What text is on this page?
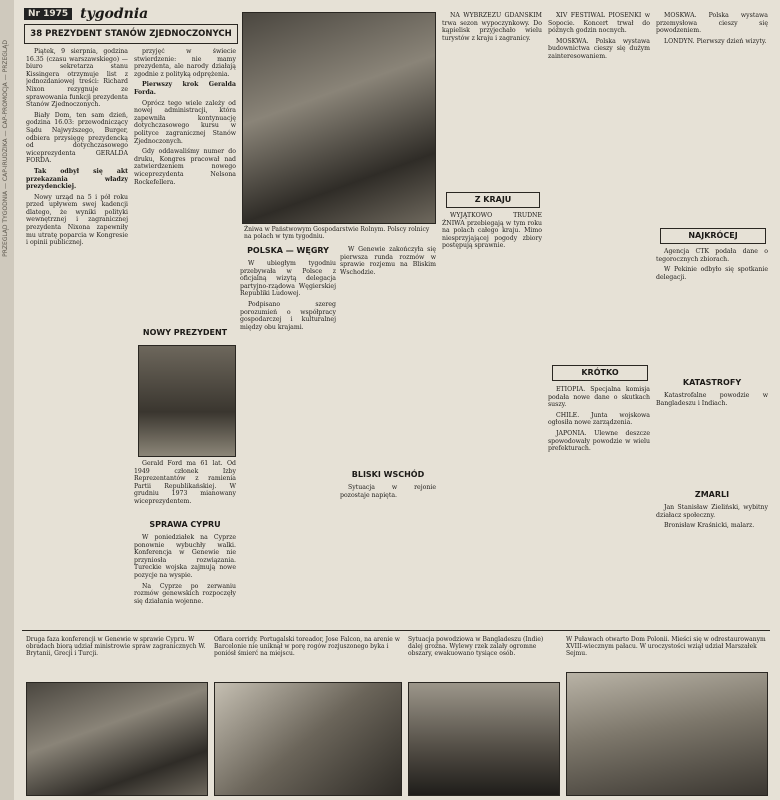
PRZEGLĄD TYGODNIA — CAP-IRUDZIKA — CAP-PROMOCJA — PRZEGLĄD
Nr 1975 tygodnia
38 PREZYDENT STANÓW ZJEDNOCZONYCH

Piątek, 9 sierpnia, godzina 16.35 (czasu warszawskiego) — biuro sekretarza stanu Kissingera otrzymuje list z jednozdaniowej treści: Richard Nixon rezygnuje ze sprawowania funkcji prezydenta Stanów Zjednoczonych.

Biały Dom, ten sam dzień, godzina 16.03: przewodniczący Sądu Najwyższego, Burger, odbiera przysięgę prezydencką od dotychczasowego wiceprezydenta GERALDA FORDA.

Tak odbył się akt przekazania władzy prezydenckiej.

Nowy urząd na 5 i pół roku przed upływem swej kadencji dlatego, że wyniki polityki wewnętrznej i zagranicznej prezydenta Nixona zapewniły mu utratę poparcia w Kongresie i opinii publicznej.

przyjęć w świecie stwierdzenie: nie mamy prezydenta, ale narody działają zgodnie z polityką odprężenia.

Pierwszy krok Geralda Forda.

Oprócz tego wiele zależy od nowej administracji, która zapewniła kontynuację dotychczasowego kursu w polityce zagranicznej Stanów Zjednoczonych.

Gdy oddawaliśmy numer do druku, Kongres pracował nad zatwierdzeniem nowego wiceprezydenta Nelsona Rockefellera.

Żniwa w Państwowym Gospodarstwie Rolnym. Polscy rolnicy na polach w tym tygodniu.
NOWY PREZYDENT

Gerald Ford ma 61 lat. Od 1949 członek Izby Reprezentantów z ramienia Partii Republikańskiej. W grudniu 1973 mianowany wiceprezydentem.

SPRAWA CYPRU

W poniedziałek na Cyprze ponownie wybuchły walki. Konferencja w Genewie nie przyniosła rozwiązania. Tureckie wojska zajmują nowe pozycje na wyspie.

Na Cyprze po zerwaniu rozmów genewskich rozpoczęły się działania wojenne.

POLSKA — WĘGRY

W ubiegłym tygodniu przebywała w Polsce z oficjalną wizytą delegacja partyjno-rządowa Węgierskiej Republiki Ludowej.

Podpisano szereg porozumień o współpracy gospodarczej i kulturalnej między obu krajami.

W Genewie zakończyła się pierwsza runda rozmów w sprawie rozjemu na Bliskim Wschodzie.

BLISKI WSCHÓD

Sytuacja w rejonie pozostaje napięta.

NA WYBRZEŻU GDAŃSKIM trwa sezon wypoczynkowy. Do kąpielisk przyjechało wielu turystów z kraju i zagranicy.

Z KRAJU

WYJĄTKOWO TRUDNE ŻNIWA przebiegają w tym roku na polach całego kraju. Mimo niesprzyjającej pogody zbiory postępują sprawnie.

XIV FESTIWAL PIOSENKI w Sopocie. Koncert trwał do późnych godzin nocnych.

MOSKWA. Polska wystawa budownictwa cieszy się dużym zainteresowaniem.

KRÓTKO

ETIOPIA. Specjalna komisja podała nowe dane o skutkach suszy.

CHILE. Junta wojskowa ogłosiła nowe zarządzenia.

JAPONIA. Ulewne deszcze spowodowały powodzie w wielu prefekturach.

MOSKWA. Polska wystawa przemysłowa cieszy się powodzeniem.

LONDYN. Pierwszy dzień wizyty.

NAJKRÓCEJ

Agencja CTK podała dane o tegorocznych zbiorach.

W Pekinie odbyło się spotkanie delegacji.

KATASTROFY

Katastrofalne powodzie w Bangladeszu i Indiach.

ZMARLI

Jan Stanisław Zieliński, wybitny działacz społeczny.

Bronisław Kraśnicki, malarz.

Druga faza konferencji w Genewie w sprawie Cypru. W obradach biorą udział ministrowie spraw zagranicznych W. Brytanii, Grecji i Turcji.
Ofiara corridy. Portugalski toreador, Jose Falcon, na arenie w Barcelonie nie uniknął w porę rogów rozjuszonego byka i poniósł śmierć na miejscu.
Sytuacja powodziowa w Bangladeszu (Indie) dalej groźna. Wylewy rzek zalały ogromne obszary, ewakuowano tysiące osób.
W Puławach otwarto Dom Polonii. Mieści się w odrestaurowanym XVIII-wiecznym pałacu. W uroczystości wziął udział Marszałek Sejmu.
